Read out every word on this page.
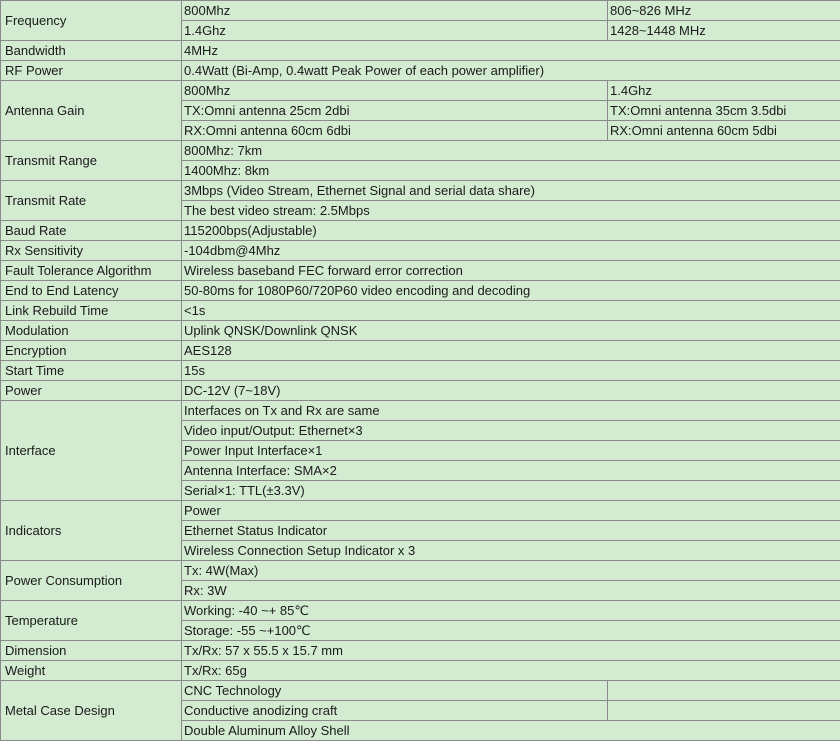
Frequency	800Mhz	806~826 MHz
	1.4Ghz	1428~1448 MHz
Bandwidth	4MHz	
RF Power	0.4Watt (Bi-Amp, 0.4watt Peak Power of each power amplifier)	
Antenna Gain	800Mhz	1.4Ghz
	TX:Omni antenna 25cm 2dbi	TX:Omni antenna 35cm 3.5dbi
	RX:Omni antenna 60cm 6dbi	RX:Omni antenna 60cm 5dbi
Transmit Range	800Mhz: 7km	
	1400Mhz: 8km	
Transmit Rate	3Mbps (Video Stream, Ethernet Signal and serial data share)	
	The best video stream: 2.5Mbps	
Baud Rate	115200bps(Adjustable)	
Rx Sensitivity	-104dbm@4Mhz	
Fault Tolerance Algorithm	Wireless baseband FEC forward error correction	
End to End Latency	50-80ms for 1080P60/720P60 video encoding and decoding	
Link Rebuild Time	<1s	
Modulation	Uplink QNSK/Downlink QNSK	
Encryption	AES128	
Start Time	15s	
Power	DC-12V (7~18V)	
Interface	Interfaces on Tx and Rx are same	
	Video input/Output: Ethernet×3	
	Power Input Interface×1	
	Antenna Interface: SMA×2	
	Serial×1: TTL(±3.3V)	
Indicators	Power	
	Ethernet Status Indicator	
	Wireless Connection Setup Indicator x 3	
Power Consumption	Tx: 4W(Max)	
	Rx: 3W	
Temperature	Working: -40 ~+ 85℃	
	Storage: -55 ~+100℃	
Dimension	Tx/Rx: 57 x 55.5 x 15.7 mm	
Weight	Tx/Rx: 65g	
Metal Case Design	CNC Technology	
	Conductive anodizing craft	
	Double Aluminum Alloy Shell	
